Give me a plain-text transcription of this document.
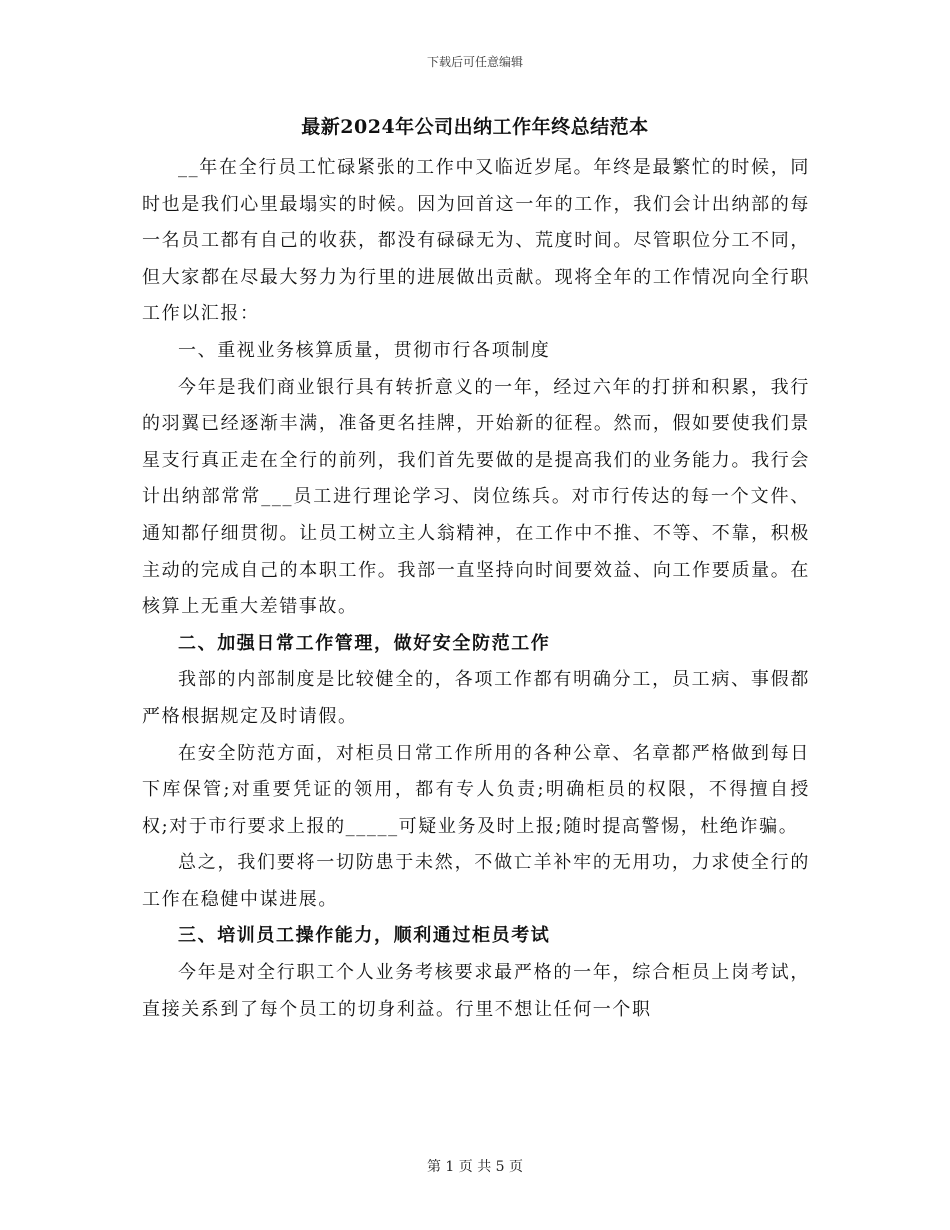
下载后可任意编辑
最新2024年公司出纳工作年终总结范本

__年在全行员工忙碌紧张的工作中又临近岁尾。年终是最繁忙的时候，同时也是我们心里最塌实的时候。因为回首这一年的工作，我们会计出纳部的每一名员工都有自己的收获，都没有碌碌无为、荒度时间。尽管职位分工不同，但大家都在尽最大努力为行里的进展做出贡献。现将全年的工作情况向全行职工作以汇报：

一、重视业务核算质量，贯彻市行各项制度

今年是我们商业银行具有转折意义的一年，经过六年的打拼和积累，我行的羽翼已经逐渐丰满，准备更名挂牌，开始新的征程。然而，假如要使我们景星支行真正走在全行的前列，我们首先要做的是提高我们的业务能力。我行会计出纳部常常___员工进行理论学习、岗位练兵。对市行传达的每一个文件、通知都仔细贯彻。让员工树立主人翁精神，在工作中不推、不等、不靠，积极主动的完成自己的本职工作。我部一直坚持向时间要效益、向工作要质量。在核算上无重大差错事故。

二、加强日常工作管理，做好安全防范工作

我部的内部制度是比较健全的，各项工作都有明确分工，员工病、事假都严格根据规定及时请假。

在安全防范方面，对柜员日常工作所用的各种公章、名章都严格做到每日下库保管;对重要凭证的领用，都有专人负责;明确柜员的权限，不得擅自授权;对于市行要求上报的_____可疑业务及时上报;随时提高警惕，杜绝诈骗。

总之，我们要将一切防患于未然，不做亡羊补牢的无用功，力求使全行的工作在稳健中谋进展。

三、培训员工操作能力，顺利通过柜员考试

今年是对全行职工个人业务考核要求最严格的一年，综合柜员上岗考试，直接关系到了每个员工的切身利益。行里不想让任何一个职

第 1 页 共 5 页
